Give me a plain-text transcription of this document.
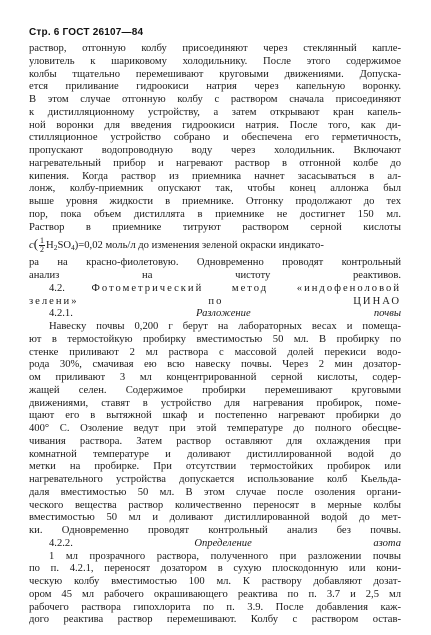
Стр. 6 ГОСТ 26107—84

раствор, отгонную колбу присоединяют через стеклянный капле-

уловитель к шариковому холодильнику. После этого содержимое

колбы тщательно перемешивают круговыми движениями. Допуска-

ется приливание гидроокиси натрия через капельную воронку.

В этом случае отгонную колбу с раствором сначала присоединяют

к дистилляционному устройству, а затем открывают кран капель-

ной воронки для введения гидроокиси натрия. После того, как ди-

стилляционное устройство собрано и обеспечена его герметичность,

пропускают водопроводную воду через холодильник. Включают

нагревательный прибор и нагревают раствор в отгонной колбе до

кипения. Когда раствор из приемника начнет засасываться в ал-

лонж, колбу-приемник опускают так, чтобы конец аллонжа был

выше уровня жидкости в приемнике. Отгонку продолжают до тех

пор, пока объем дистиллята в приемнике не достигнет 150 мл.

Раствор в приемнике титруют раствором серной кислоты

$c( \frac{1}{2} H_2SO_4)=0,02$ моль/л до изменения зеленой окраски индикато-

ра на красно-фиолетовую. Одновременно проводят контрольный

анализ на чистоту реактивов.

4.2.	Фотометрический метод «индофеноловой

зелени» по ЦИНАО

4.2.1.	Разложение почвы

Навеску почвы 0,200 г берут на лабораторных весах и помеща-

ют в термостойкую пробирку вместимостью 50 мл. В пробирку по

стенке приливают 2 мл раствора с массовой долей перекиси водо-

рода 30%, смачивая ею всю навеску почвы. Через 2 мин дозатор-

ом приливают 3 мл концентрированной серной кислоты, содер-

жащей селен. Содержимое пробирки перемешивают круговыми

движениями, ставят в устройство для нагревания пробирок, поме-

щают его в вытяжной шкаф и постепенно нагревают пробирки до

400° С. Озоление ведут при этой температуре до полного обесцве-

чивания раствора. Затем раствор оставляют для охлаждения при

комнатной температуре и доливают дистиллированной водой до

метки на пробирке. При отсутствии термостойких пробирок или

нагревательного устройства допускается использование колб Кьельда-

даля вместимостью 50 мл. В этом случае после озоления органи-

ческого вещества раствор количественно переносят в мерные колбы

вместимостью 50 мл и доливают дистиллированной водой до мет-

ки. Одновременно проводят контрольный анализ без почвы.

4.2.2.	Определение азота

1 мл прозрачного раствора, полученного при разложении почвы

по п. 4.2.1, переносят дозатором в сухую плоскодонную или кони-

ческую колбу вместимостью 100 мл. К раствору добавляют дозат-

ором 45 мл рабочего окрашивающего реактива по п. 3.7 и 2,5 мл

рабочего раствора гипохлорита по п. 3.9. После добавления каж-

дого реактива раствор перемешивают. Колбу с раствором остав-
